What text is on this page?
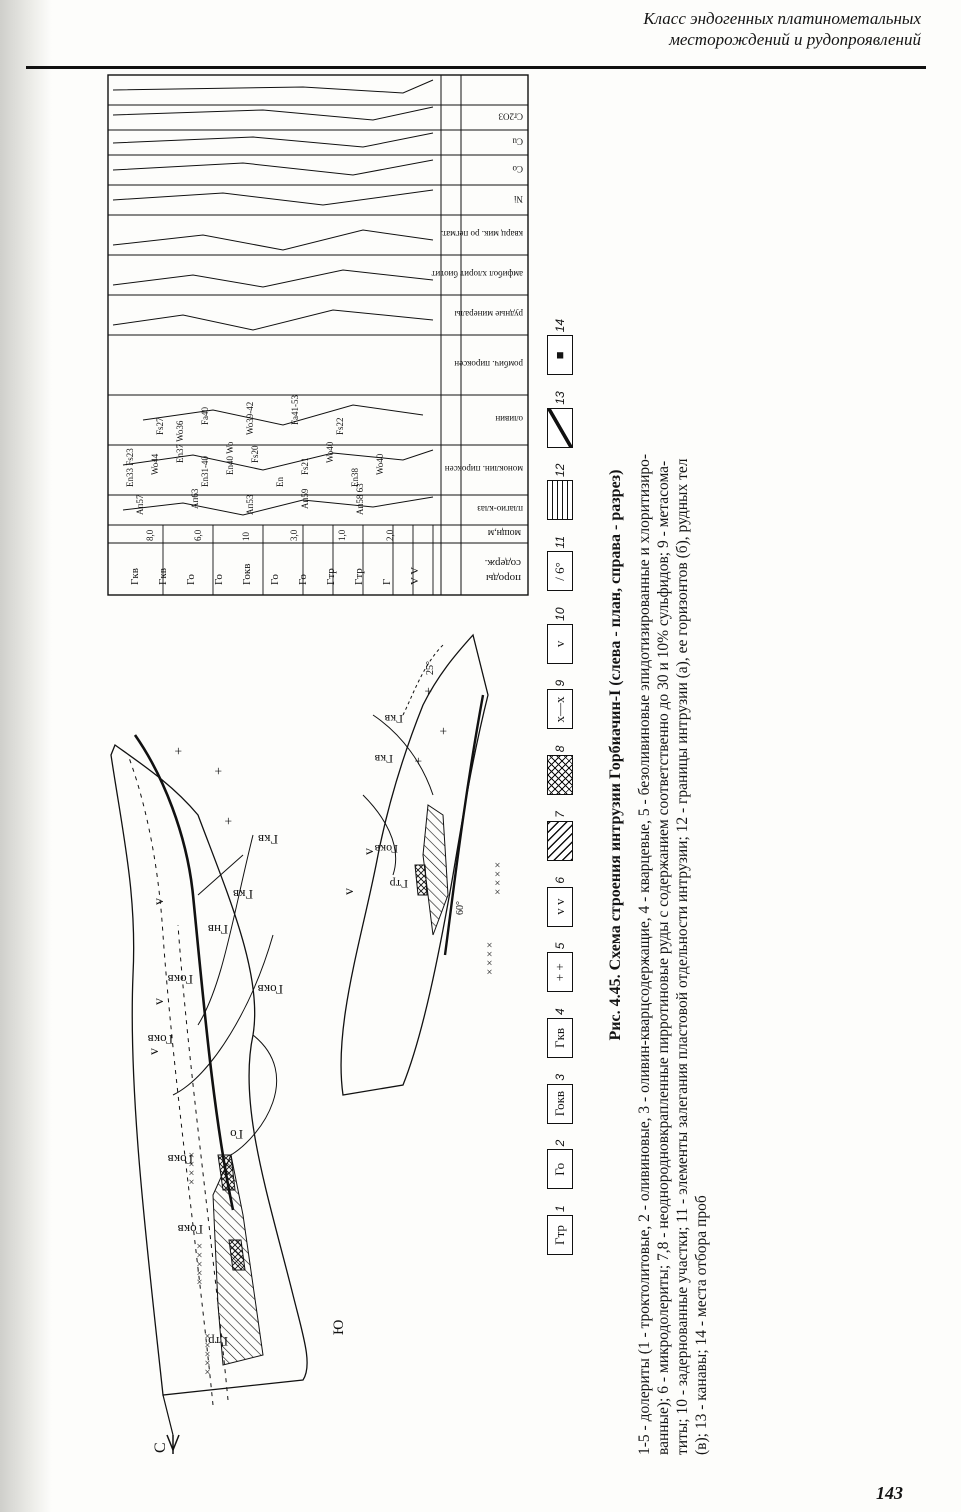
Класс эндогенных платинометальных
месторождений и рудопроявлений
Гтр
Гокв
Гокв
Го
Гокв
Гокв
Гнв
Гкв
Гкв
Гокв
Гтр
Гокв
Гкв
Гкв
С
Ю
60°
25°
+
+
+
+
+
+
v
v
v
v
v
× × × × ×
× × × × ×
× × × ×
× × × ×
× × × ×
породы
содерж.
мощн,м
плагио-клаз
моноклин. пироксен
оливин
ромбич. пироксен
рудные минералы
амфибол хлорит биотит
кварц мик. ро пегмат.
Ni
Co
Cu
Cr2O3
Гкв Гкв Го Го Гокв Го Го Гтр Гтр Г V V
8,0	6,0	10	3,0	1,0	2,0
Ап57	Ап63	Ап53	Ап59	Ап58 63
En33 Fs23 Wo44
En37 Wo36
En31-40 En40 Wo Fs20
En
Fs21
Wo40
En38
Wo40
Fs27
Fa40	Wo39-42	Fa41-53
Fs22
Гтр
1
Го
2
Гокв
3
Гкв
4
+ +
5
v v
6
7
8
x—x
9
v
10
/ 6°
11
12
13
■
14
Рис. 4.45. Схема строения интрузии Горбиачин-I (слева - план, справа - разрез) 1-5 - долериты (1 - троктолитовые, 2 - оливиновые, 3 - оливин-кварцсодержащие, 4 - кварцевые, 5 - безоливиновые эпидотизированные и хлоритизиро- ванные); 6 - микродолериты; 7,8 - неоднородновкрапленные пирротиновые руды с содержанием соответственно до 30 и 10% сульфидов; 9 - метасома- титы; 10 - задернованные участки; 11 - элементы залегания пластовой отдельности интрузии; 12 - границы интрузии (а), ее горизонтов (б), рудных тел (в); 13 - канавы; 14 - места отбора проб
143
